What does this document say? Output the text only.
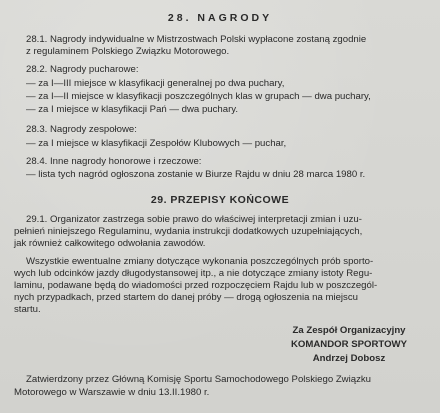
28. NAGRODY
28.1. Nagrody indywidualne w Mistrzostwach Polski wypłacone zostaną zgodnie
z regulaminem Polskiego Związku Motorowego.
28.2. Nagrody pucharowe:
— za I—III miejsce w klasyfikacji generalnej po dwa puchary,
— za I—II miejsce w klasyfikacji poszczególnych klas w grupach — dwa puchary,
— za I miejsce w klasyfikacji Pań — dwa puchary.
28.3. Nagrody zespołowe:
— za I miejsce w klasyfikacji Zespołów Klubowych — puchar,
28.4. Inne nagrody honorowe i rzeczowe:
— lista tych nagród ogłoszona zostanie w Biurze Rajdu w dniu 28 marca 1980 r.
29. PRZEPISY KOŃCOWE
29.1. Organizator zastrzega sobie prawo do właściwej interpretacji zmian i uzu-
pełnień niniejszego Regulaminu, wydania instrukcji dodatkowych uzupełniających,
jak również całkowitego odwołania zawodów.
Wszystkie ewentualne zmiany dotyczące wykonania poszczególnych prób sporto-
wych lub odcinków jazdy długodystansowej itp., a nie dotyczące zmiany istoty Regu-
laminu, podawane będą do wiadomości przed rozpoczęciem Rajdu lub w poszczegól-
nych przypadkach, przed startem do danej próby — drogą ogłoszenia na miejscu
startu.
Za Zespół Organizacyjny
KOMANDOR SPORTOWY
Andrzej Dobosz
Zatwierdzony przez Główną Komisję Sportu Samochodowego Polskiego Związku
Motorowego w Warszawie w dniu 13.II.1980 r.
